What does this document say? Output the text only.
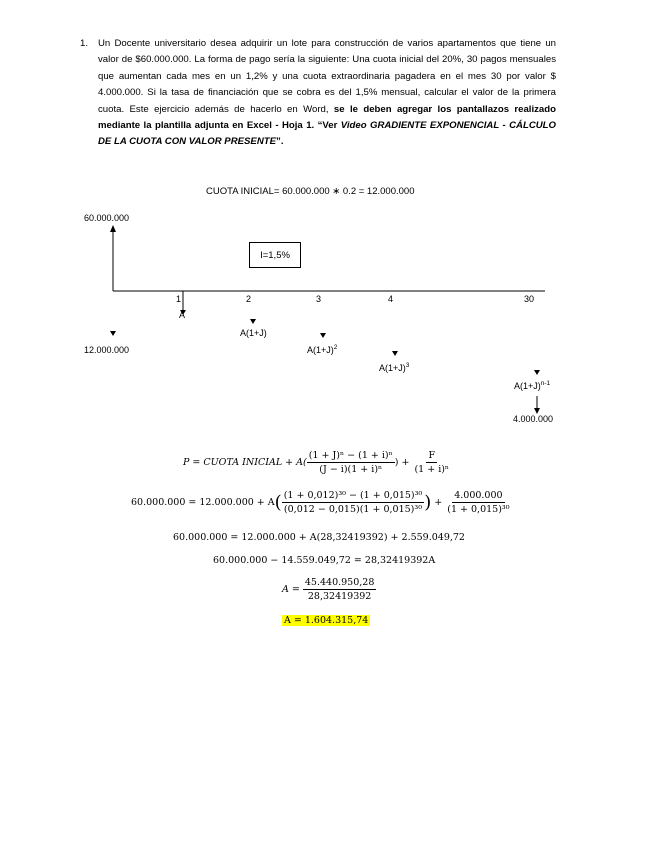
1. Un Docente universitario desea adquirir un lote para construcción de varios apartamentos que tiene un valor de $60.000.000. La forma de pago sería la siguiente: Una cuota inicial del 20%, 30 pagos mensuales que aumentan cada mes en un 1,2% y una cuota extraordinaria pagadera en el mes 30 por valor $ 4.000.000. Si la tasa de financiación que se cobra es del 1,5% mensual, calcular el valor de la primera cuota. Este ejercicio además de hacerlo en Word, se le deben agregar los pantallazos realizado mediante la plantilla adjunta en Excel - Hoja 1. “Ver Video GRADIENTE EXPONENCIAL - CÁLCULO DE LA CUOTA CON VALOR PRESENTE”.
CUOTA INICIAL= 60.000.000 ∗ 0.2 = 12.000.000
60.000.000
12.000.000
I=1,5%
1	2	3	4	30
A
A(1+J)
$A(1+J)^2$
$A(1+J)^3$
$A(1+J)^{n-1}$
4.000.000
P = CUOTA INICIAL + $A( \frac{\text{(1 + J)ⁿ − (1 + i)ⁿ}}{\text{(J − i)(1 + i)ⁿ}}$ ) + $\frac{F}{\text{(1 + i)ⁿ}}$
$60.000.000 = 12.000.000 + A( \frac{\text{(1 + 0,012)³⁰ − (1 + 0,015)³⁰}}{\text{(0,012 − 0,015)(1 + 0,015)³⁰}}$ ) + $\frac{4.000.000}{\text{(1 + 0,015)³⁰}}$
60.000.000 = 12.000.000 + A(28,32419392) + 2.559.049,72
60.000.000 − 14.559.049,72 = 28,32419392A
$A = \frac{45.440.950,28}{28,32419392}$
A = 1.604.315,74
